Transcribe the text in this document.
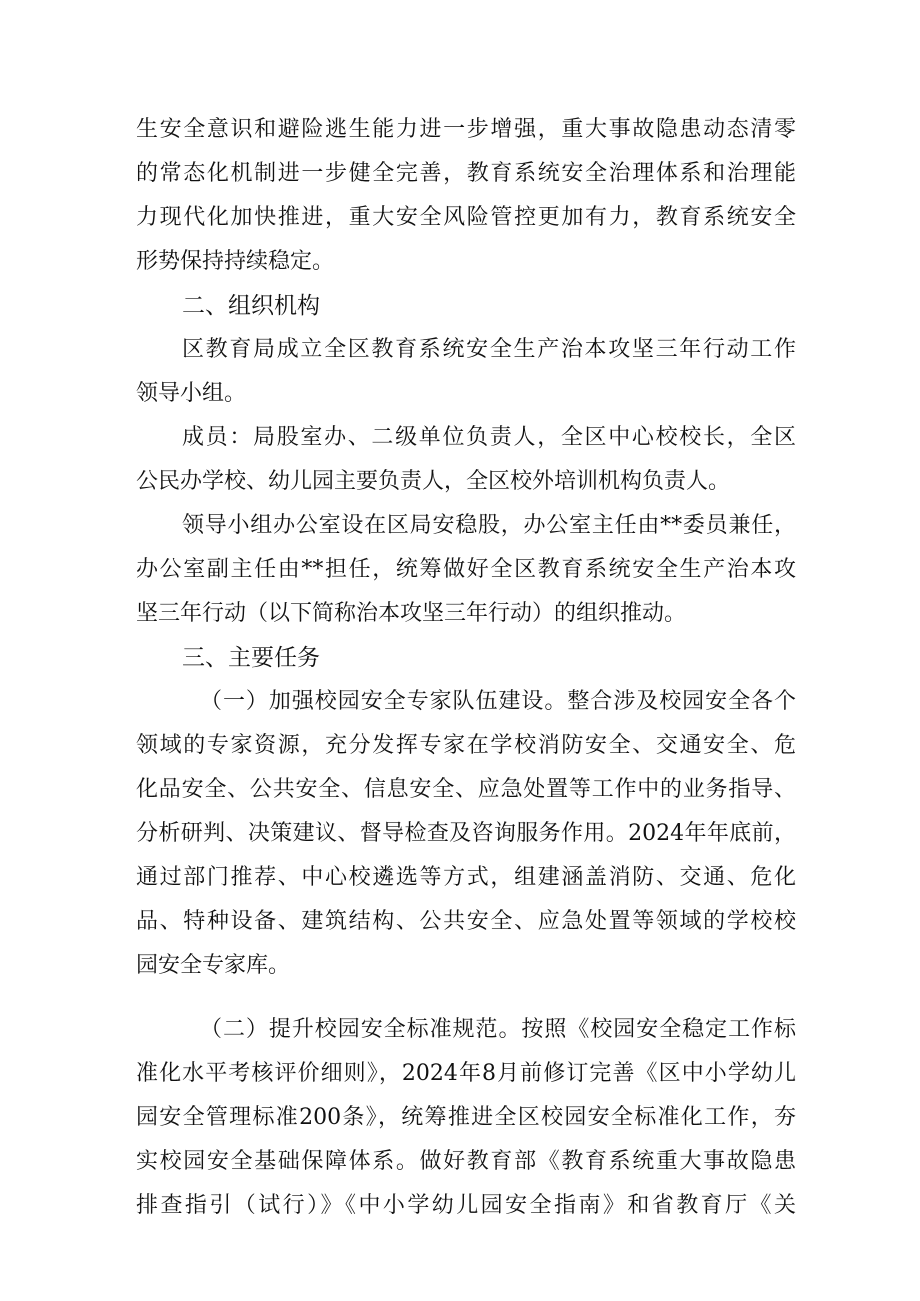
生安全意识和避险逃生能力进一步增强，重大事故隐患动态清零
的常态化机制进一步健全完善，教育系统安全治理体系和治理能
力现代化加快推进，重大安全风险管控更加有力，教育系统安全
形势保持持续稳定。
二、组织机构
区教育局成立全区教育系统安全生产治本攻坚三年行动工作
领导小组。
成员：局股室办、二级单位负责人，全区中心校校长，全区
公民办学校、幼儿园主要负责人，全区校外培训机构负责人。
领导小组办公室设在区局安稳股，办公室主任由**委员兼任，
办公室副主任由**担任，统筹做好全区教育系统安全生产治本攻
坚三年行动（以下简称治本攻坚三年行动）的组织推动。
三、主要任务
（一）加强校园安全专家队伍建设。整合涉及校园安全各个
领域的专家资源，充分发挥专家在学校消防安全、交通安全、危
化品安全、公共安全、信息安全、应急处置等工作中的业务指导、
分析研判、决策建议、督导检查及咨询服务作用。2024年年底前，
通过部门推荐、中心校遴选等方式，组建涵盖消防、交通、危化
品、特种设备、建筑结构、公共安全、应急处置等领域的学校校
园安全专家库。
（二）提升校园安全标准规范。按照《校园安全稳定工作标
准化水平考核评价细则》，2024年8月前修订完善《区中小学幼儿
园安全管理标准200条》，统筹推进全区校园安全标准化工作，夯
实校园安全基础保障体系。做好教育部《教育系统重大事故隐患
排查指引（试行）》《中小学幼儿园安全指南》和省教育厅《关
